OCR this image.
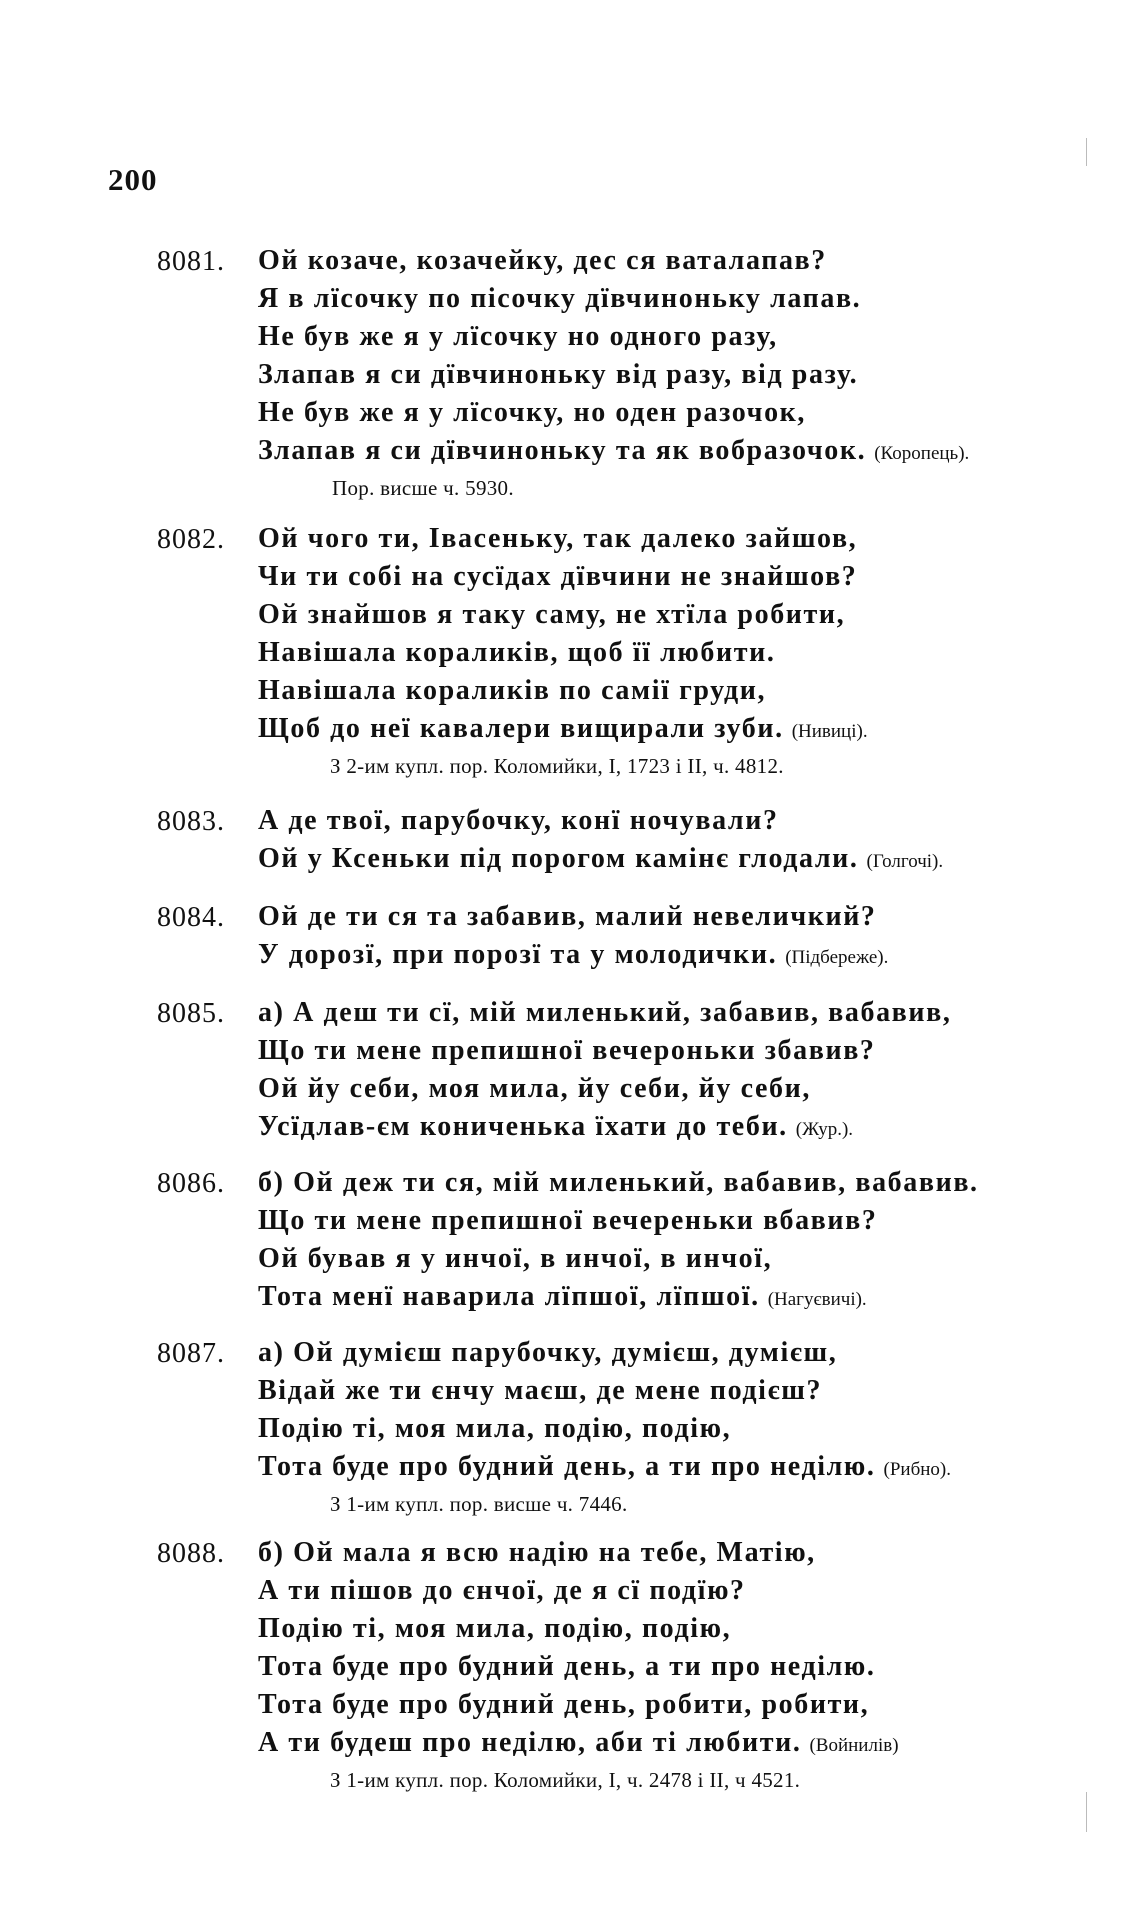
200
8081. Ой козаче, козачейку, дес ся ваталапав?
Я в лїсочку по пісочку дївчиноньку лапав.
Не був же я у лїсочку но одного разу,
Злапав я си дївчиноньку від разу, від разу.
Не був же я у лїсочку, но оден разочок,
Злапав я си дївчиноньку та як вобразочок. (Коропець).
Пор. висше ч. 5930.
8082. Ой чого ти, Івасеньку, так далеко зайшов,
Чи ти собі на сусїдах дївчини не знайшов?
Ой знайшов я таку саму, не хтїла робити,
Навішала кораликів, щоб її любити.
Навішала кораликів по самії груди,
Щоб до неї кавалери вищирали зуби. (Нивиці).
З 2-им купл. пор. Коломийки, I, 1723 і II, ч. 4812.
8083. А де твої, парубочку, конї ночували?
Ой у Ксеньки під порогом камінє глодали. (Голгочі).
8084. Ой де ти ся та забавив, малий невеличкий?
У дорозї, при порозї та у молодички. (Підбереже).
8085. а) А деш ти сї, мій миленький, забавив, вабавив,
Що ти мене препишної вечероньки збавив?
Ой йу себи, моя мила, йу себи, йу себи,
Усїдлав-єм кониченька їхати до теби. (Жур.).
8086. б) Ой деж ти ся, мій миленький, вабавив, вабавив.
Що ти мене препишної вечереньки вбавив?
Ой бував я у инчої, в инчої, в инчої,
Тота менї наварила лїпшої, лїпшої. (Нагуєвичі).
8087. а) Ой думієш парубочку, думієш, думієш,
Відай же ти єнчу маєш, де мене подієш?
Подію ті, моя мила, подію, подію,
Тота буде про будний день, а ти про неділю. (Рибно).
З 1-им купл. пор. висше ч. 7446.
8088. б) Ой мала я всю надію на тебе, Матію,
А ти пішов до єнчої, де я сї подїю?
Подію ті, моя мила, подію, подію,
Тота буде про будний день, а ти про неділю.
Тота буде про будний день, робити, робити,
А ти будеш про неділю, аби ті любити. (Войнилів)
З 1-им купл. пор. Коломийки, I, ч. 2478 і II, ч 4521.
